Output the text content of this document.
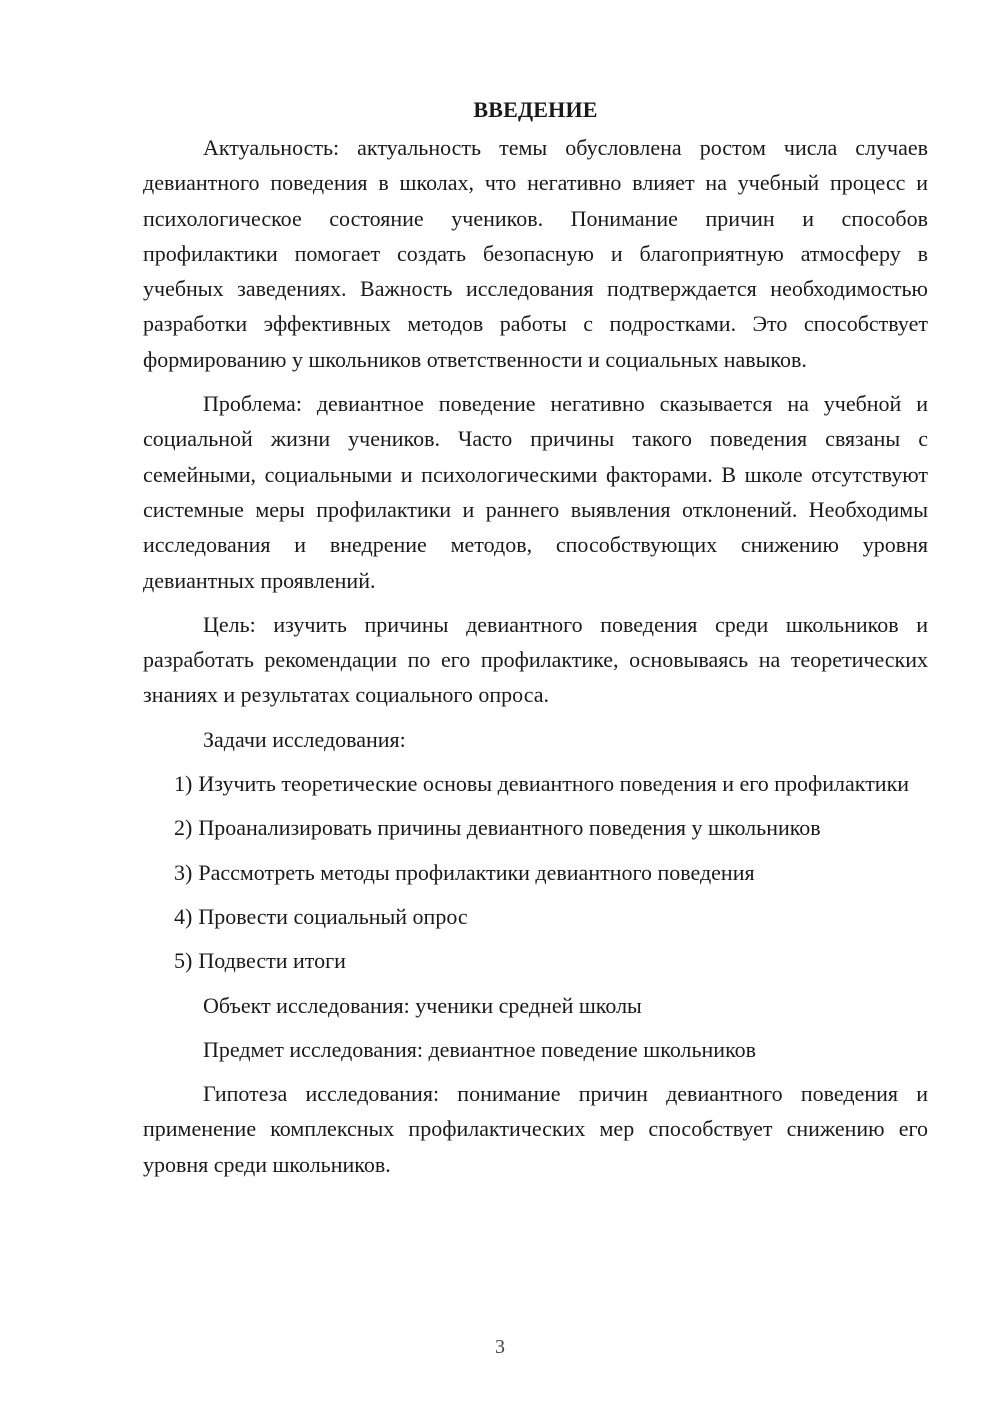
ВВЕДЕНИЕ

Актуальность: актуальность темы обусловлена ростом числа случаев девиантного поведения в школах, что негативно влияет на учебный процесс и психологическое состояние учеников. Понимание причин и способов профилактики помогает создать безопасную и благоприятную атмосферу в учебных заведениях. Важность исследования подтверждается необходимостью разработки эффективных методов работы с подростками. Это способствует формированию у школьников ответственности и социальных навыков.

Проблема: девиантное поведение негативно сказывается на учебной и социальной жизни учеников. Часто причины такого поведения связаны с семейными, социальными и психологическими факторами. В школе отсутствуют системные меры профилактики и раннего выявления отклонений. Необходимы исследования и внедрение методов, способствующих снижению уровня девиантных проявлений.

Цель: изучить причины девиантного поведения среди школьников и разработать рекомендации по его профилактике, основываясь на теоретических знаниях и результатах социального опроса.

Задачи исследования:

1) Изучить теоретические основы девиантного поведения и его профилактики

2) Проанализировать причины девиантного поведения у школьников

3) Рассмотреть методы профилактики девиантного поведения

4) Провести социальный опрос

5) Подвести итоги

Объект исследования: ученики средней школы

Предмет исследования: девиантное поведение школьников

Гипотеза исследования: понимание причин девиантного поведения и применение комплексных профилактических мер способствует снижению его уровня среди школьников.

3
